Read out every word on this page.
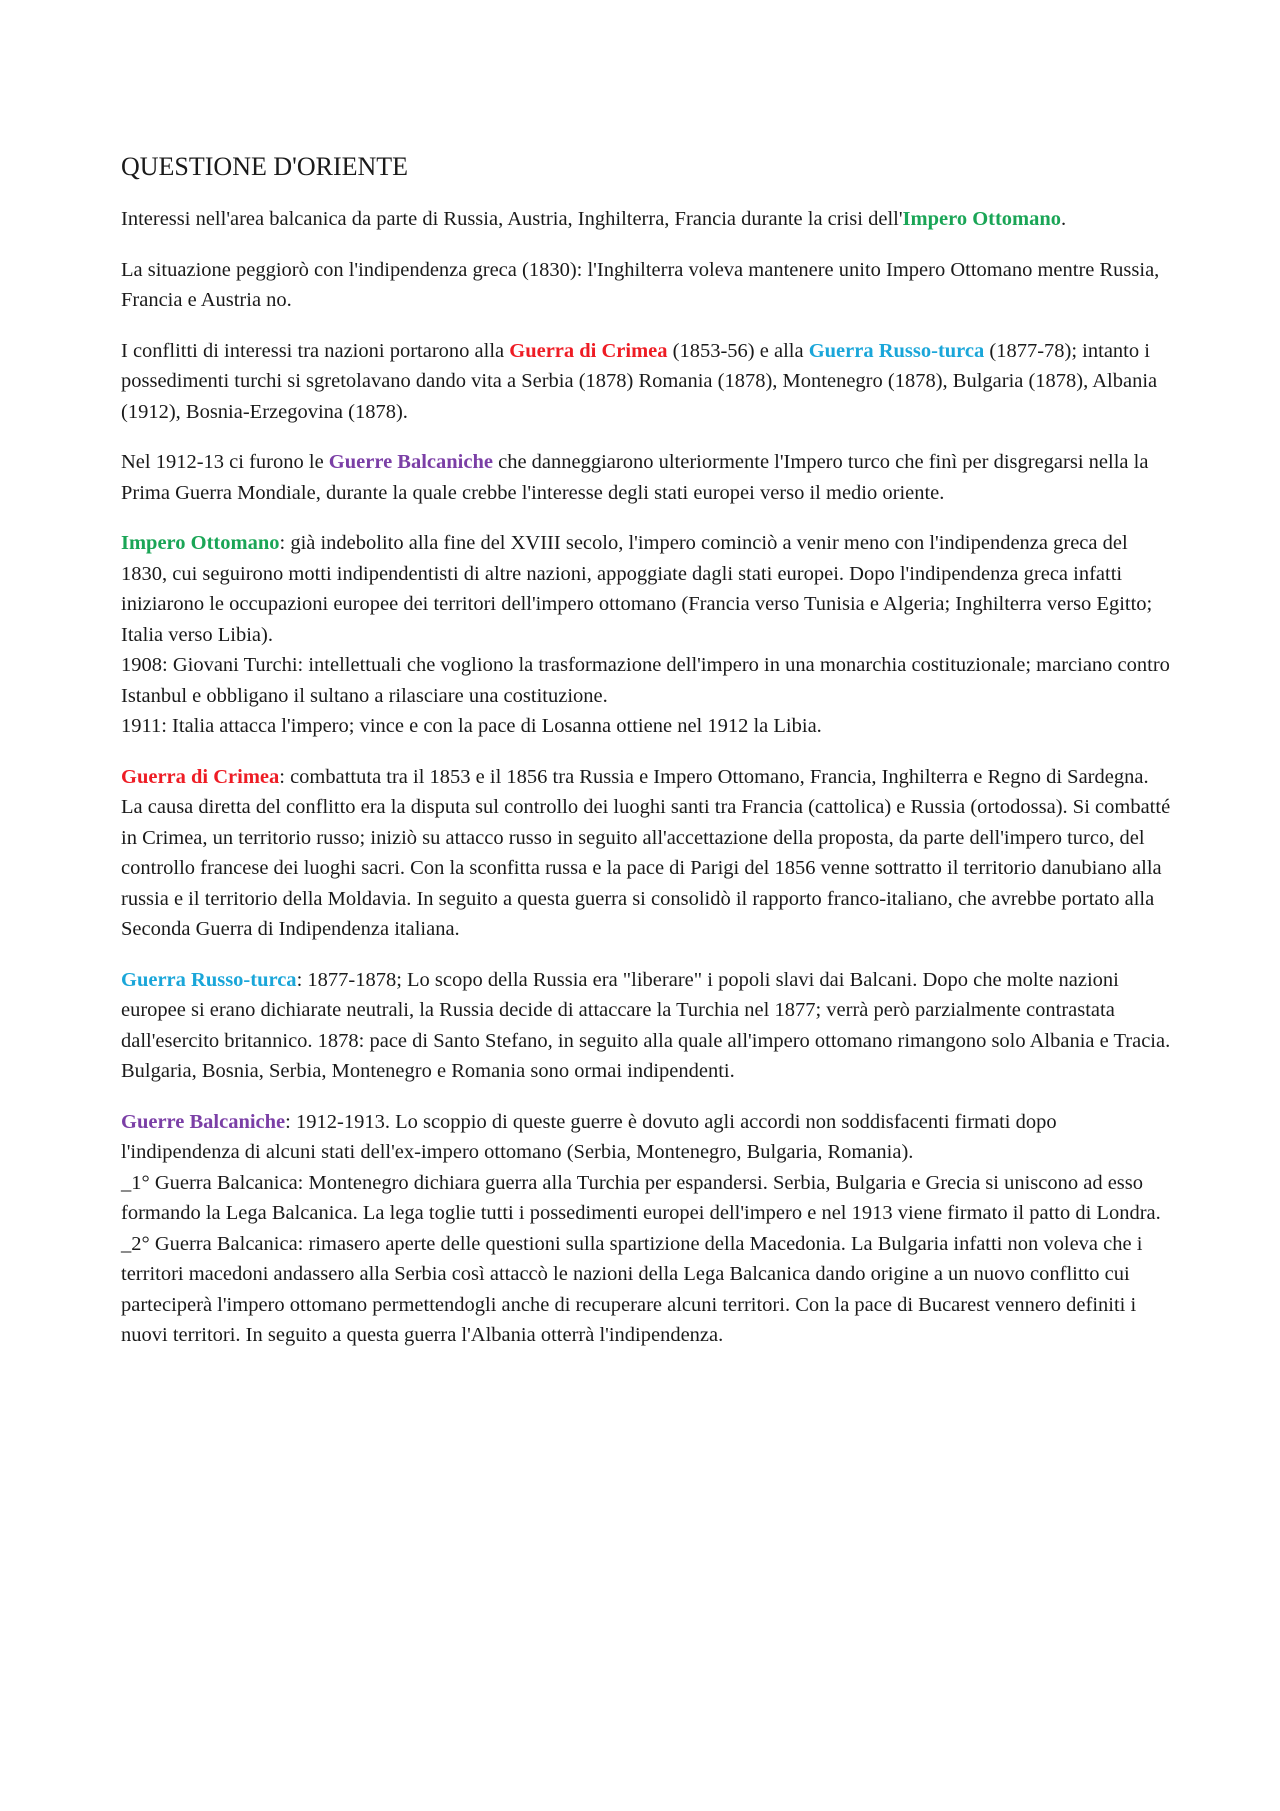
QUESTIONE D'ORIENTE

Interessi nell'area balcanica da parte di Russia, Austria, Inghilterra, Francia durante la crisi dell'Impero Ottomano.

La situazione peggiorò con l'indipendenza greca (1830): l'Inghilterra voleva mantenere unito Impero Ottomano mentre Russia, Francia e Austria no.

I conflitti di interessi tra nazioni portarono alla Guerra di Crimea (1853-56) e alla Guerra Russo-turca (1877-78); intanto i possedimenti turchi si sgretolavano dando vita a Serbia (1878) Romania (1878), Montenegro (1878), Bulgaria (1878), Albania (1912), Bosnia-Erzegovina (1878).

Nel 1912-13 ci furono le Guerre Balcaniche che danneggiarono ulteriormente l'Impero turco che finì per disgregarsi nella la Prima Guerra Mondiale, durante la quale crebbe l'interesse degli stati europei verso il medio oriente.

Impero Ottomano: già indebolito alla fine del XVIII secolo, l'impero cominciò a venir meno con l'indipendenza greca del 1830, cui seguirono motti indipendentisti di altre nazioni, appoggiate dagli stati europei. Dopo l'indipendenza greca infatti iniziarono le occupazioni europee dei territori dell'impero ottomano (Francia verso Tunisia e Algeria; Inghilterra verso Egitto; Italia verso Libia).
1908: Giovani Turchi: intellettuali che vogliono la trasformazione dell'impero in una monarchia costituzionale; marciano contro Istanbul e obbligano il sultano a rilasciare una costituzione.
1911: Italia attacca l'impero; vince e con la pace di Losanna ottiene nel 1912 la Libia.

Guerra di Crimea: combattuta tra il 1853 e il 1856 tra Russia e Impero Ottomano, Francia, Inghilterra e Regno di Sardegna. La causa diretta del conflitto era la disputa sul controllo dei luoghi santi tra Francia (cattolica) e Russia (ortodossa). Si combatté in Crimea, un territorio russo; iniziò su attacco russo in seguito all'accettazione della proposta, da parte dell'impero turco, del controllo francese dei luoghi sacri. Con la sconfitta russa e la pace di Parigi del 1856 venne sottratto il territorio danubiano alla russia e il territorio della Moldavia. In seguito a questa guerra si consolidò il rapporto franco-italiano, che avrebbe portato alla Seconda Guerra di Indipendenza italiana.

Guerra Russo-turca: 1877-1878; Lo scopo della Russia era "liberare" i popoli slavi dai Balcani. Dopo che molte nazioni europee si erano dichiarate neutrali, la Russia decide di attaccare la Turchia nel 1877; verrà però parzialmente contrastata dall'esercito britannico. 1878: pace di Santo Stefano, in seguito alla quale all'impero ottomano rimangono solo Albania e Tracia. Bulgaria, Bosnia, Serbia, Montenegro e Romania sono ormai indipendenti.

Guerre Balcaniche: 1912-1913. Lo scoppio di queste guerre è dovuto agli accordi non soddisfacenti firmati dopo l'indipendenza di alcuni stati dell'ex-impero ottomano (Serbia, Montenegro, Bulgaria, Romania).
_1° Guerra Balcanica: Montenegro dichiara guerra alla Turchia per espandersi. Serbia, Bulgaria e Grecia si uniscono ad esso formando la Lega Balcanica. La lega toglie tutti i possedimenti europei dell'impero e nel 1913 viene firmato il patto di Londra.
_2° Guerra Balcanica: rimasero aperte delle questioni sulla spartizione della Macedonia. La Bulgaria infatti non voleva che i territori macedoni andassero alla Serbia così attaccò le nazioni della Lega Balcanica dando origine a un nuovo conflitto cui parteciperà l'impero ottomano permettendogli anche di recuperare alcuni territori. Con la pace di Bucarest vennero definiti i nuovi territori. In seguito a questa guerra l'Albania otterrà l'indipendenza.
